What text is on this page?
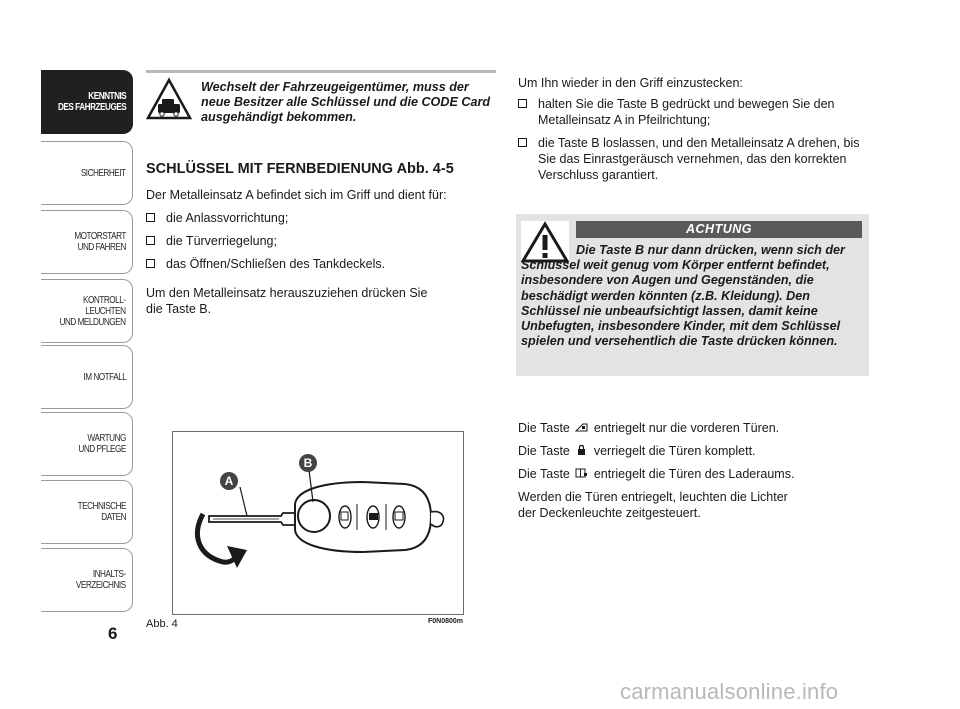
KENNTNIS
DES FAHRZEUGES
SICHERHEIT
MOTORSTART
UND FAHREN
KONTROLL-
LEUCHTEN
UND MELDUNGEN
IM NOTFALL
WARTUNG
UND PFLEGE
TECHNISCHE
DATEN
INHALTS-
VERZEICHNIS
6
Wechselt der Fahrzeugeigentümer, muss der neue Besitzer alle Schlüssel und die CODE Card ausgehändigt bekommen.
SCHLÜSSEL MIT FERNBEDIENUNG Abb. 4-5
Der Metalleinsatz A befindet sich im Griff und dient für:
die Anlassvorrichtung;
die Türverriegelung;
das Öffnen/Schließen des Tankdeckels.
Um den Metalleinsatz herauszuziehen drücken Sie
die Taste B.
A
B
Abb. 4	F0N0800m
Um Ihn wieder in den Griff einzustecken:
halten Sie die Taste B gedrückt und bewegen Sie den Metalleinsatz A in Pfeilrichtung;
die Taste B loslassen, und den Metalleinsatz A drehen, bis Sie das Einrastgeräusch vernehmen, das den korrekten Verschluss garantiert.
ACHTUNG
Die Taste B nur dann drücken, wenn sich der Schlüssel weit genug vom Körper entfernt befindet, insbesondere von Augen und Gegenständen, die beschädigt werden könnten (z.B. Kleidung). Den Schlüssel nie unbeaufsichtigt lassen, damit keine Unbefugten, insbesondere Kinder, mit dem Schlüssel spielen und versehentlich die Taste drücken können.

Die Taste entriegelt nur die vorderen Türen.

Die Taste verriegelt die Türen komplett.

Die Taste entriegelt die Türen des Laderaums.

Werden die Türen entriegelt, leuchten die Lichter
der Deckenleuchte zeitgesteuert.

carmanualsonline.info
